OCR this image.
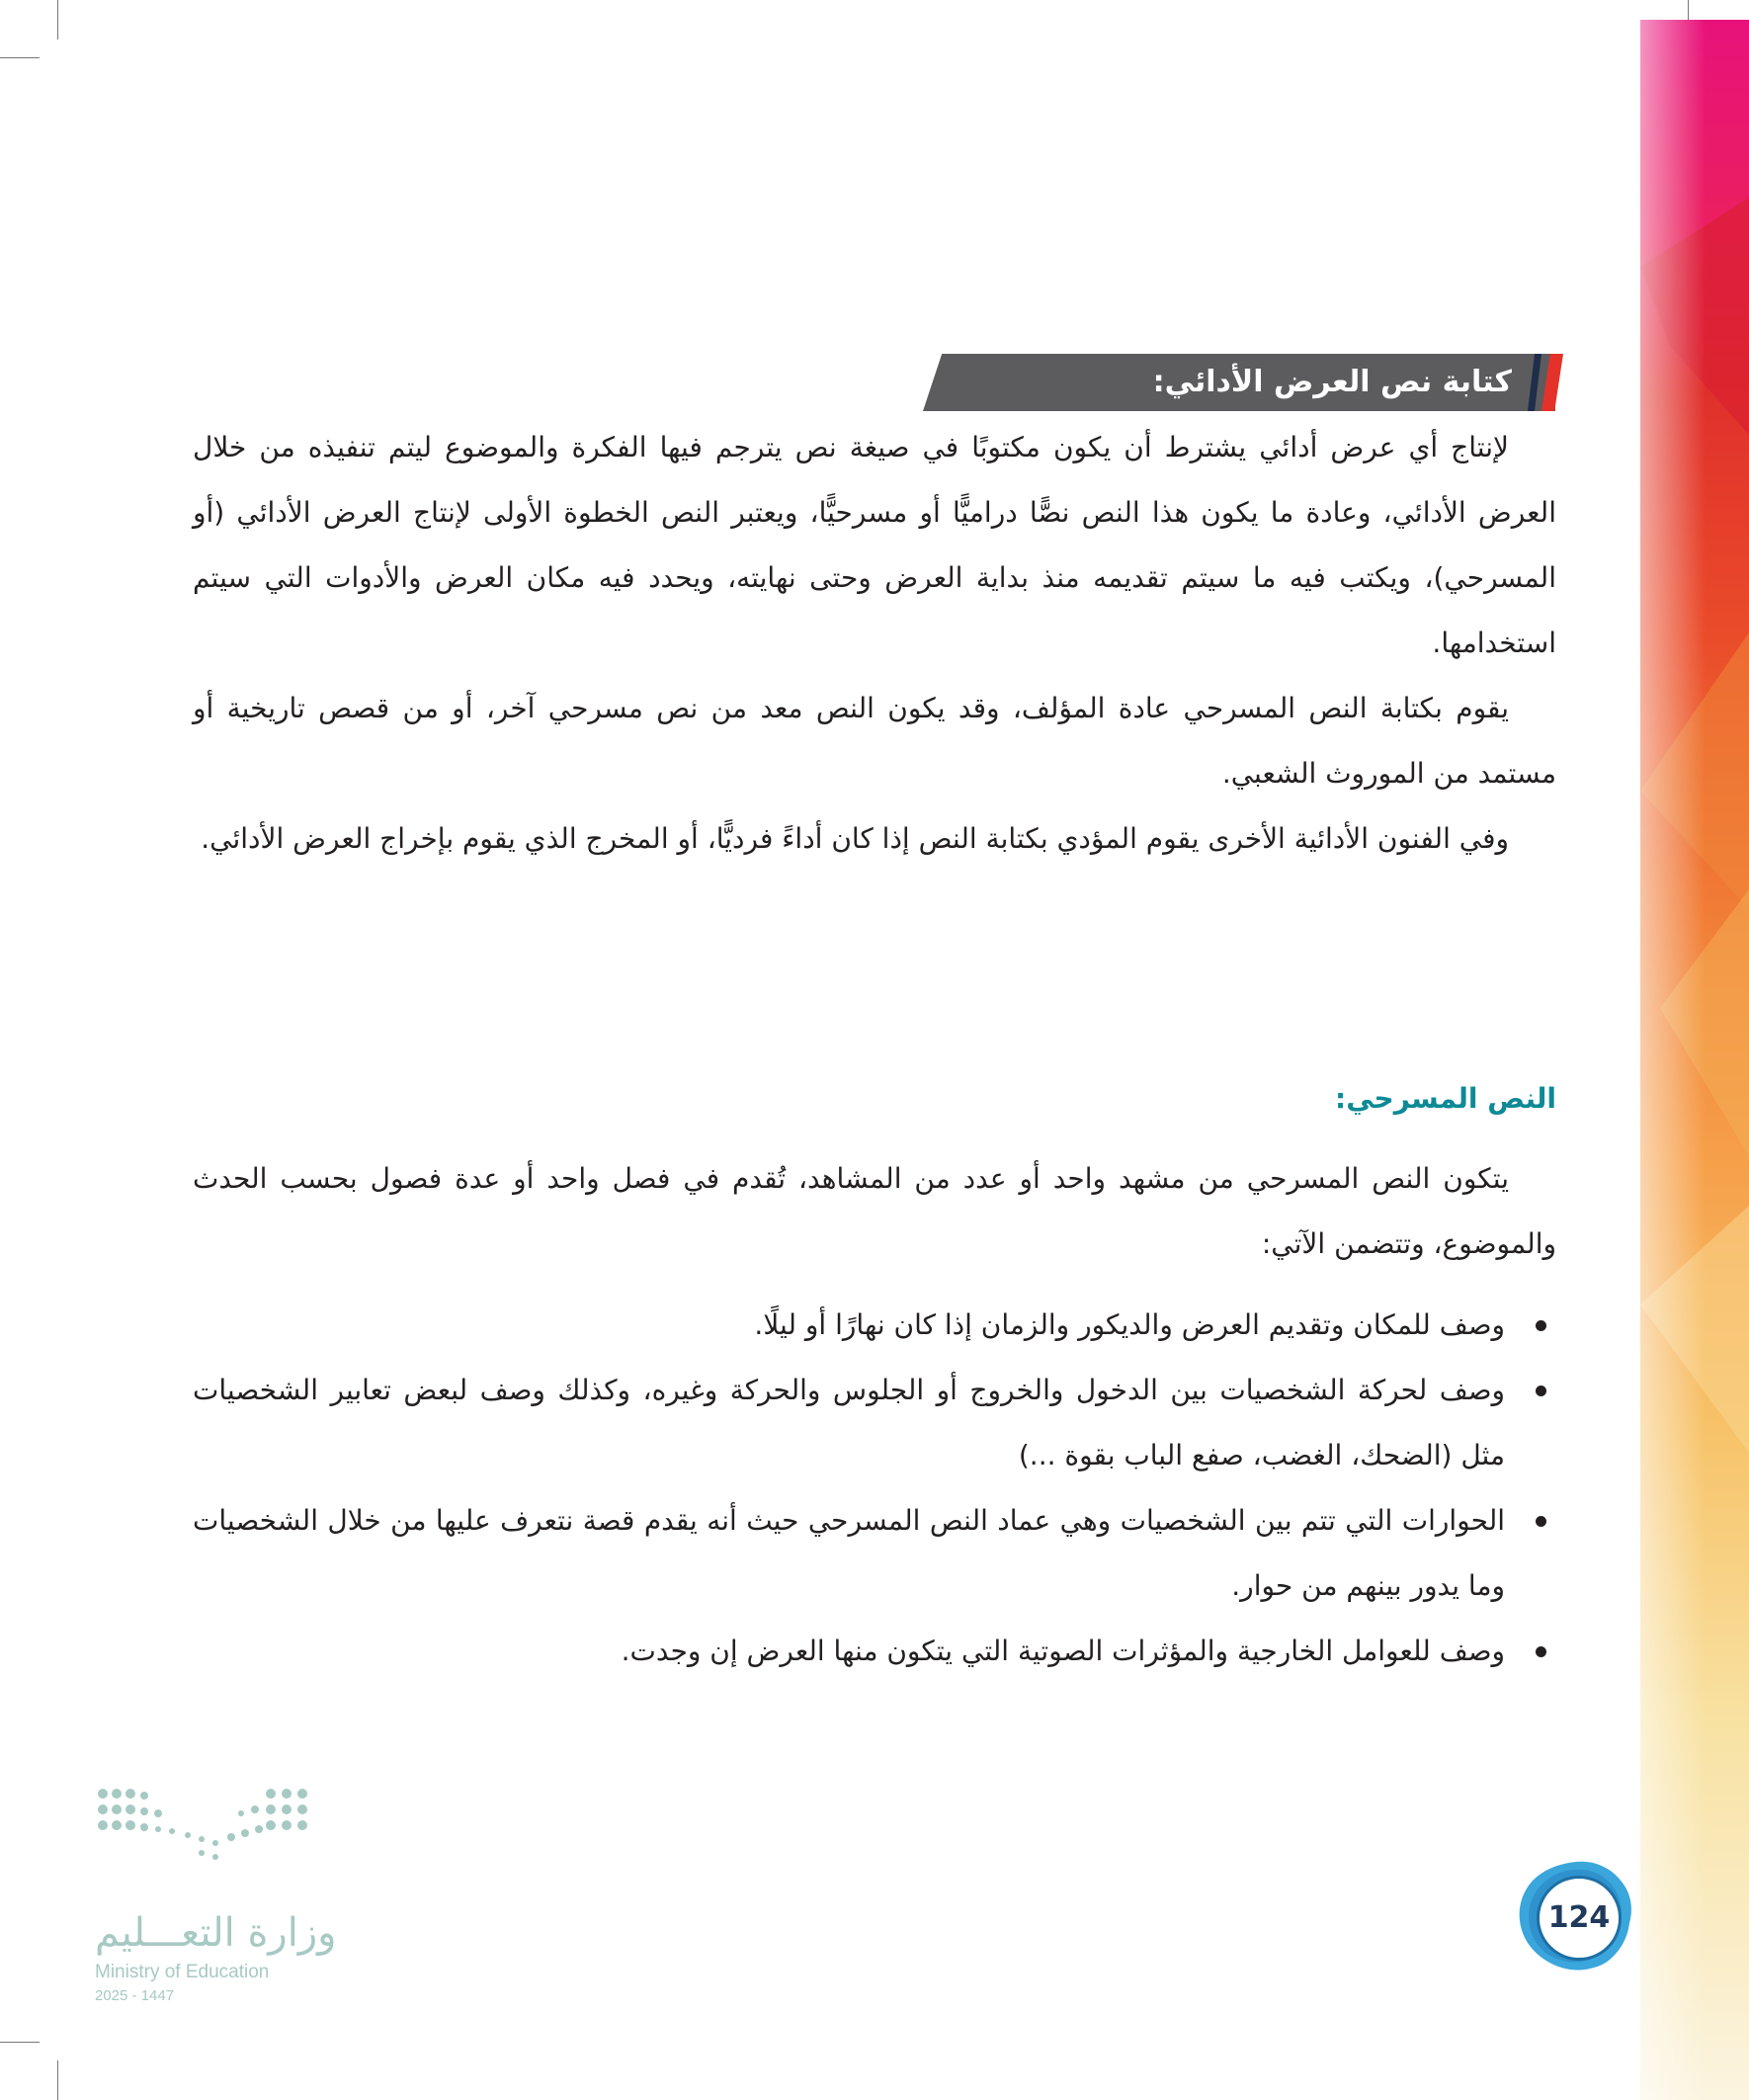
كتابة نص العرض الأدائي:

لإنتاج أي عرض أدائي يشترط أن يكون مكتوبًا في صيغة نص يترجم فيها الفكرة والموضوع ليتم تنفيذه من خلال العرض الأدائي، وعادة ما يكون هذا النص نصًّا دراميًّا أو مسرحيًّا، ويعتبر النص الخطوة الأولى لإنتاج العرض الأدائي (أو المسرحي)، ويكتب فيه ما سيتم تقديمه منذ بداية العرض وحتى نهايته، ويحدد فيه مكان العرض والأدوات التي سيتم استخدامها.

يقوم بكتابة النص المسرحي عادة المؤلف، وقد يكون النص معد من نص مسرحي آخر، أو من قصص تاريخية أو مستمد من الموروث الشعبي.

وفي الفنون الأدائية الأخرى يقوم المؤدي بكتابة النص إذا كان أداءً فرديًّا، أو المخرج الذي يقوم بإخراج العرض الأدائي.

النص المسرحي:

يتكون النص المسرحي من مشهد واحد أو عدد من المشاهد، تُقدم في فصل واحد أو عدة فصول بحسب الحدث والموضوع، وتتضمن الآتي:

وصف للمكان وتقديم العرض والديكور والزمان إذا كان نهارًا أو ليلًا.
وصف لحركة الشخصيات بين الدخول والخروج أو الجلوس والحركة وغيره، وكذلك وصف لبعض تعابير الشخصيات مثل (الضحك، الغضب، صفع الباب بقوة ...)
الحوارات التي تتم بين الشخصيات وهي عماد النص المسرحي حيث أنه يقدم قصة نتعرف عليها من خلال الشخصيات وما يدور بينهم من حوار.
وصف للعوامل الخارجية والمؤثرات الصوتية التي يتكون منها العرض إن وجدت.
وزارة التعـــليم
Ministry of Education
2025 - 1447
124
